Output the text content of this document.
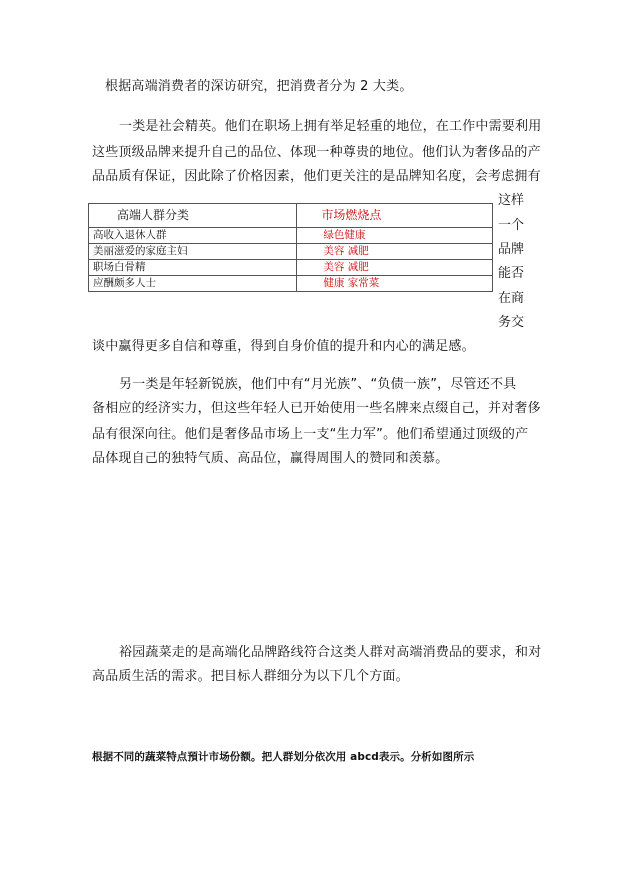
根据高端消费者的深访研究，把消费者分为 2 大类。
一类是社会精英。他们在职场上拥有举足轻重的地位，在工作中需要利用
这些顶级品牌来提升自己的品位、体现一种尊贵的地位。他们认为奢侈品的产
品品质有保证，因此除了价格因素，他们更关注的是品牌知名度，会考虑拥有
这样
一个
品牌
能否
在商
务交
高端人群分类	市场燃烧点
高收入退休人群	绿色健康
美丽滋爱的家庭主妇	美容 减肥
职场白骨精	美容 减肥
应酬颇多人士	健康 家常菜
谈中赢得更多自信和尊重，得到自身价值的提升和内心的满足感。
另一类是年轻新锐族，他们中有“月光族”、“负债一族”，尽管还不具
备相应的经济实力，但这些年轻人已开始使用一些名牌来点缀自己，并对奢侈
品有很深向往。他们是奢侈品市场上一支“生力军”。他们希望通过顶级的产
品体现自己的独特气质、高品位，赢得周围人的赞同和羡慕。
裕园蔬菜走的是高端化品牌路线符合这类人群对高端消费品的要求，和对
高品质生活的需求。把目标人群细分为以下几个方面。
根据不同的蔬菜特点預计市场份额。把人群划分依次用 abcd表示。分析如图所示
